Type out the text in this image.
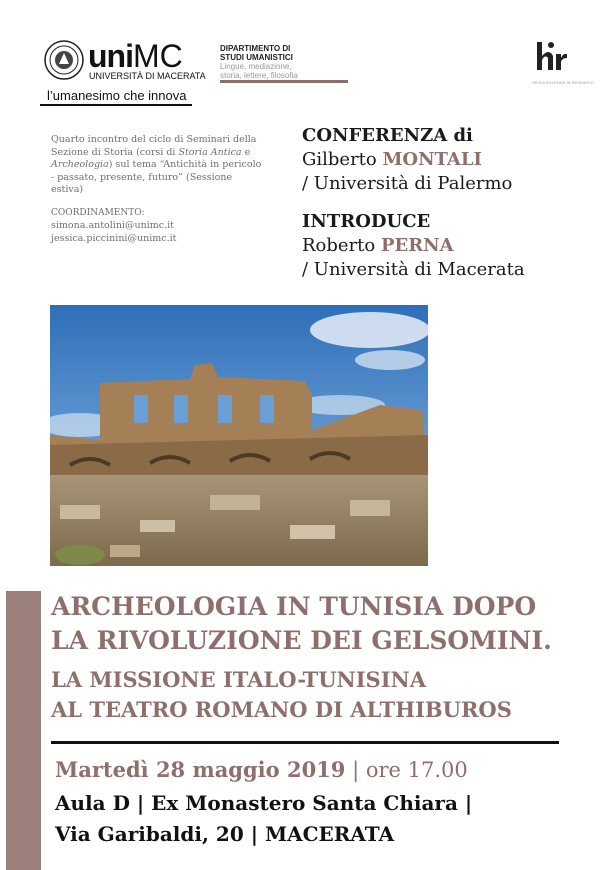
uniMC
UNIVERSITÀ DI MACERATA
l’umanesimo che innova
DIPARTIMENTO DI
STUDI UMANISTICI
Lingue, mediazione,
storia, lettere, filosofia
HR EXCELLENCE IN RESEARCH
Quarto incontro del ciclo di Seminari della Sezione di Storia (corsi di Storia Antica e Archeologia) sul tema “Antichità in pericolo - passato, presente, futuro” (Sessione estiva)
COORDINAMENTO:
simona.antolini@unimc.it
jessica.piccinini@unimc.it
CONFERENZA di
Gilberto MONTALI
/ Università di Palermo
INTRODUCE
Roberto PERNA
/ Università di Macerata
ARCHEOLOGIA IN TUNISIA DOPO
LA RIVOLUZIONE DEI GELSOMINI.
LA MISSIONE ITALO-TUNISINA
AL TEATRO ROMANO DI ALTHIBUROS
Martedì 28 maggio 2019 | ore 17.00
Aula D | Ex Monastero Santa Chiara |
Via Garibaldi, 20 | MACERATA
